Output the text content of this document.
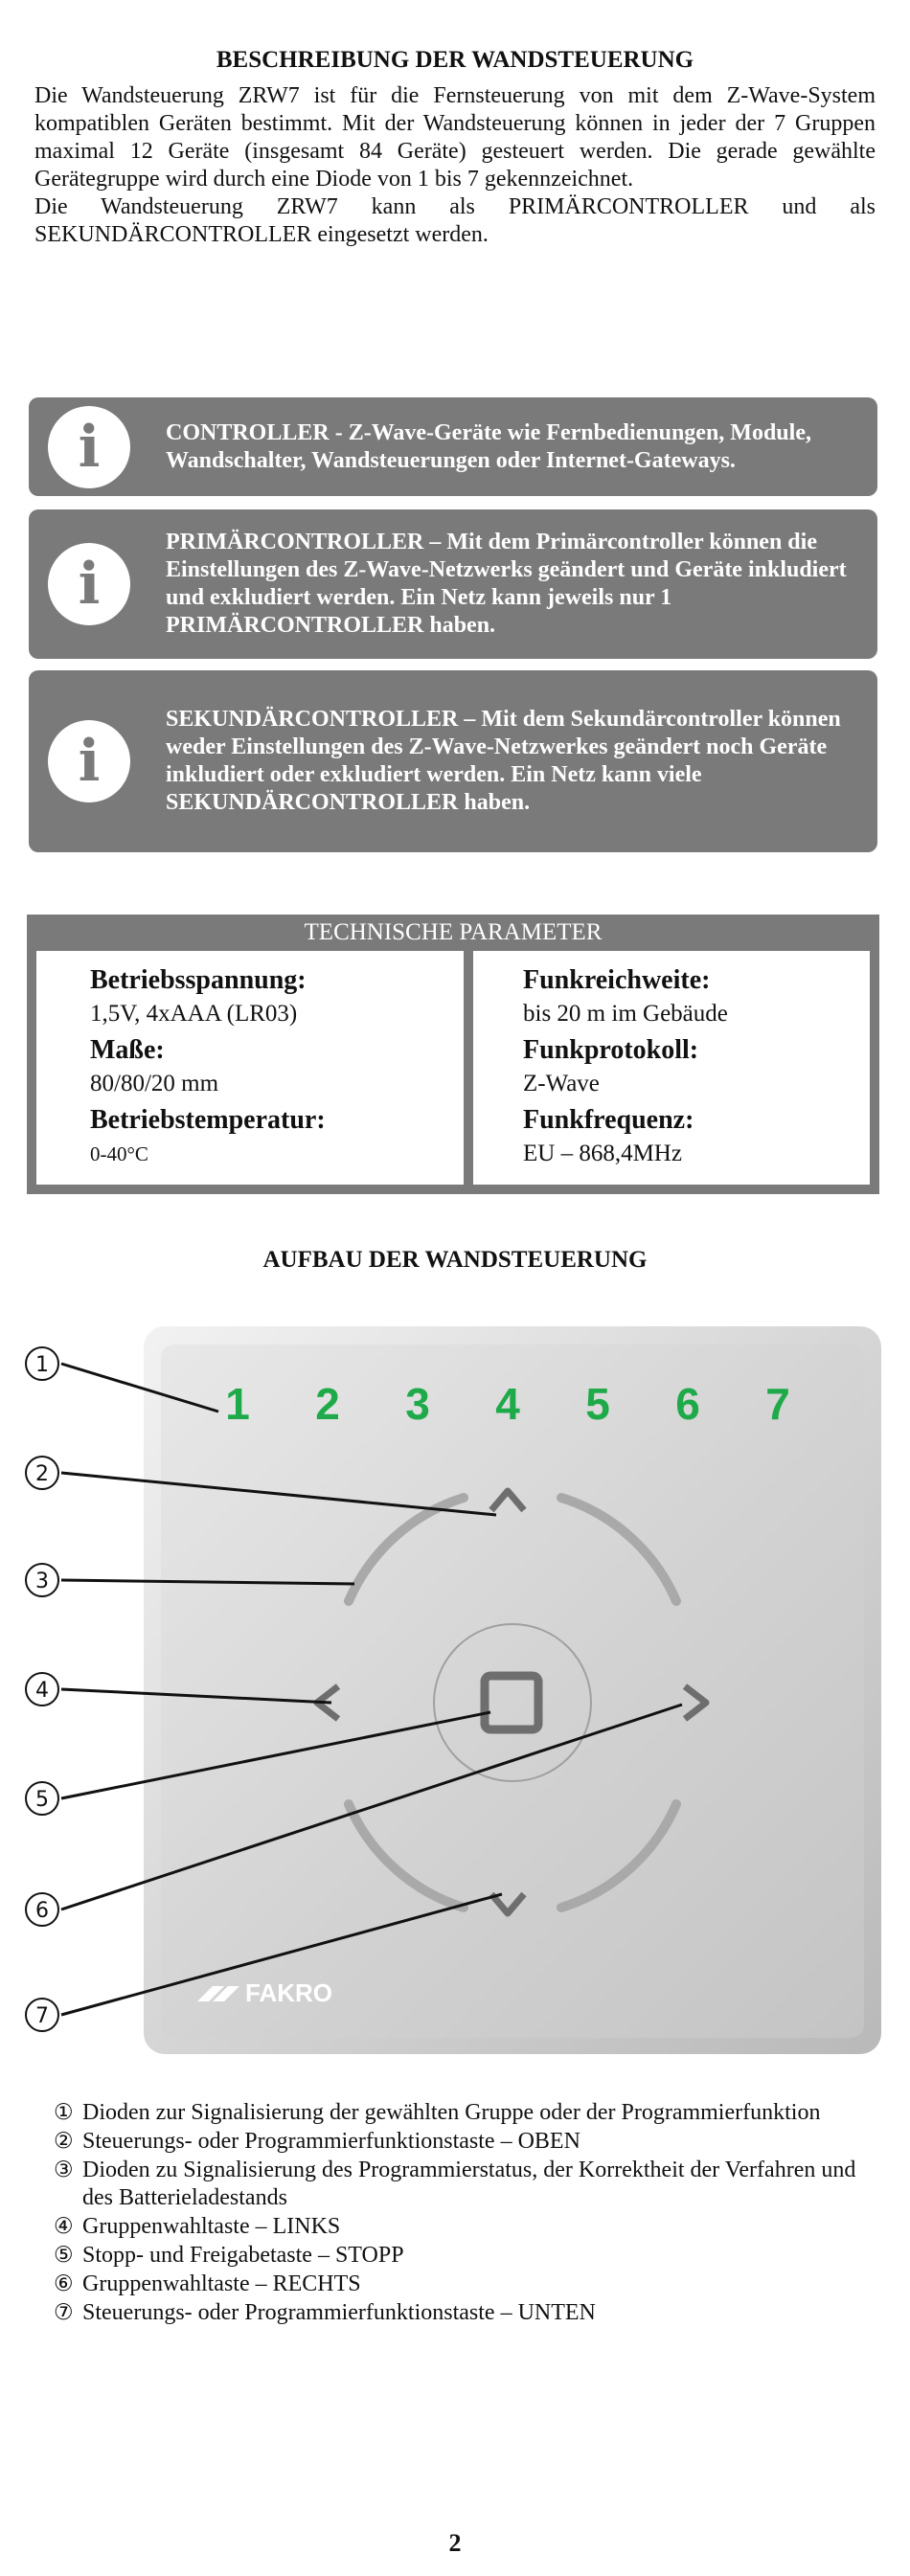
BESCHREIBUNG DER WANDSTEUERUNG

Die Wandsteuerung ZRW7 ist für die Fernsteuerung von mit dem Z-Wave-System kompatiblen Geräten bestimmt. Mit der Wandsteuerung können in jeder der 7 Gruppen maximal 12 Geräte (insgesamt 84 Geräte) gesteuert werden. Die gerade gewählte Gerätegruppe wird durch eine Diode von 1 bis 7 gekennzeichnet.

Die Wandsteuerung ZRW7 kann als PRIMÄRCONTROLLER und als SEKUNDÄRCONTROLLER eingesetzt werden.

i	CONTROLLER - Z-Wave-Geräte wie Fernbedienungen, Module, Wandschalter, Wandsteuerungen oder Internet-Gateways.
i
PRIMÄRCONTROLLER – Mit dem Primärcontroller können die Einstellungen des Z-Wave-Netzwerks geändert und Geräte inkludiert und exkludiert werden. Ein Netz kann jeweils nur 1 PRIMÄRCONTROLLER haben.
i
SEKUNDÄRCONTROLLER – Mit dem Sekundärcontroller können weder Einstellungen des Z-Wave-Netzwerkes geändert noch Geräte inkludiert oder exkludiert werden. Ein Netz kann viele SEKUNDÄRCONTROLLER haben.
TECHNISCHE PARAMETER
Betriebsspannung:
1,5V, 4xAAA (LR03)
Maße:
80/80/20 mm
Betriebstemperatur:
0-40°C
Funkreichweite:
bis 20 m im Gebäude
Funkprotokoll:
Z-Wave
Funkfrequenz:
EU – 868,4MHz
AUFBAU DER WANDSTEUERUNG
1 2 3 4 5 6 7
FAKRO
1
2
3
4
5
6
7
① Dioden zur Signalisierung der gewählten Gruppe oder der Programmierfunktion
② Steuerungs- oder Programmierfunktionstaste – OBEN
③ Dioden zu Signalisierung des Programmierstatus, der Korrektheit der Verfahren und des Batterieladestands
④ Gruppenwahltaste – LINKS
⑤ Stopp- und Freigabetaste – STOPP
⑥ Gruppenwahltaste – RECHTS
⑦ Steuerungs- oder Programmierfunktionstaste – UNTEN
2
